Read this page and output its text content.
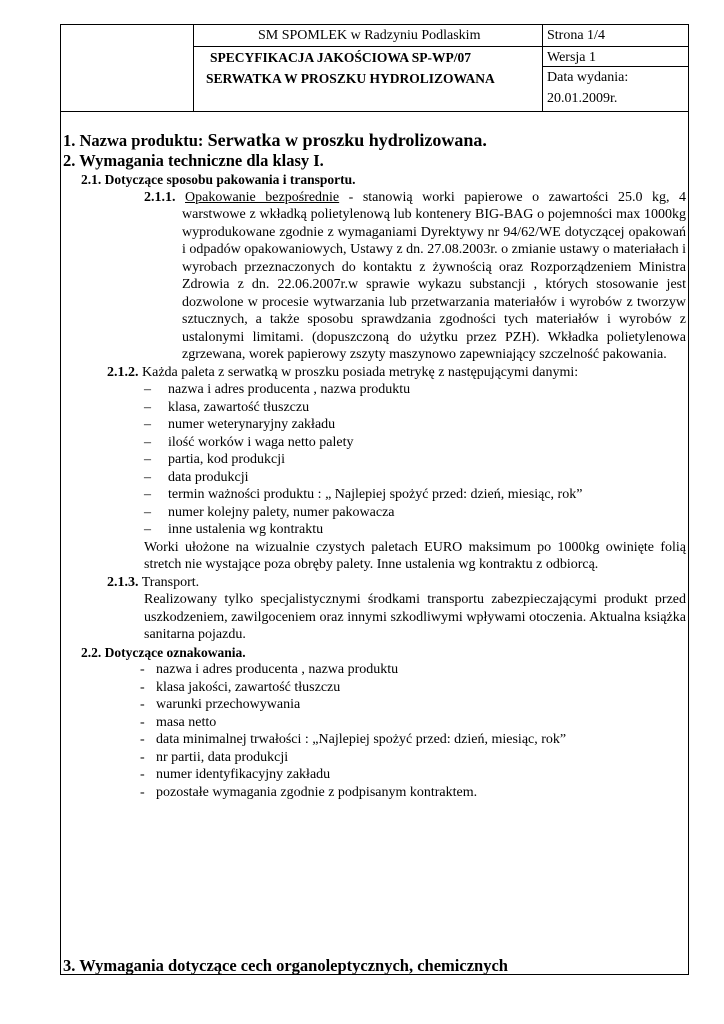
SM SPOMLEK w Radzyniu Podlaskim	Strona 1/4
SPECYFIKACJA JAKOŚCIOWA SP-WP/07	Wersja 1
SERWATKA W PROSZKU HYDROLIZOWANA	Data wydania:
20.01.2009r.
1. Nazwa produktu: Serwatka w proszku hydrolizowana.
2. Wymagania techniczne dla klasy I.
2.1. Dotyczące sposobu pakowania i transportu.
2.1.1. Opakowanie bezpośrednie - stanowią worki papierowe o zawartości 25.0 kg, 4 warstwowe z wkładką polietylenową lub kontenery BIG-BAG o pojemności max 1000kg wyprodukowane zgodnie z wymaganiami Dyrektywy nr 94/62/WE dotyczącej opakowań i odpadów opakowaniowych, Ustawy z dn. 27.08.2003r. o zmianie ustawy o materiałach i wyrobach przeznaczonych do kontaktu z żywnością oraz Rozporządzeniem Ministra Zdrowia z dn. 22.06.2007r.w sprawie wykazu substancji , których stosowanie jest dozwolone w procesie wytwarzania lub przetwarzania materiałów i wyrobów z tworzyw sztucznych, a także sposobu sprawdzania zgodności tych materiałów i wyrobów z ustalonymi limitami. (dopuszczoną do użytku przez PZH). Wkładka polietylenowa zgrzewana, worek papierowy zszyty maszynowo zapewniający szczelność pakowania.
2.1.2. Każda paleta z serwatką w proszku posiada metrykę z następującymi danymi:
– nazwa i adres producenta , nazwa produktu
– klasa, zawartość tłuszczu
– numer weterynaryjny zakładu
– ilość worków i waga netto palety
– partia, kod produkcji
– data produkcji
– termin ważności produktu : „ Najlepiej spożyć przed: dzień, miesiąc, rok”
– numer kolejny palety, numer pakowacza
– inne ustalenia wg kontraktu
Worki ułożone na wizualnie czystych paletach EURO maksimum po 1000kg owinięte folią stretch nie wystające poza obręby palety. Inne ustalenia wg kontraktu z odbiorcą.
2.1.3. Transport.
Realizowany tylko specjalistycznymi środkami transportu zabezpieczającymi produkt przed uszkodzeniem, zawilgoceniem oraz innymi szkodliwymi wpływami otoczenia. Aktualna książka sanitarna pojazdu.
2.2. Dotyczące oznakowania.
- nazwa i adres producenta , nazwa produktu
- klasa jakości, zawartość tłuszczu
- warunki przechowywania
- masa netto
- data minimalnej trwałości : „Najlepiej spożyć przed: dzień, miesiąc, rok”
- nr partii, data produkcji
- numer identyfikacyjny zakładu
- pozostałe wymagania zgodnie z podpisanym kontraktem.
3. Wymagania dotyczące cech organoleptycznych, chemicznych
